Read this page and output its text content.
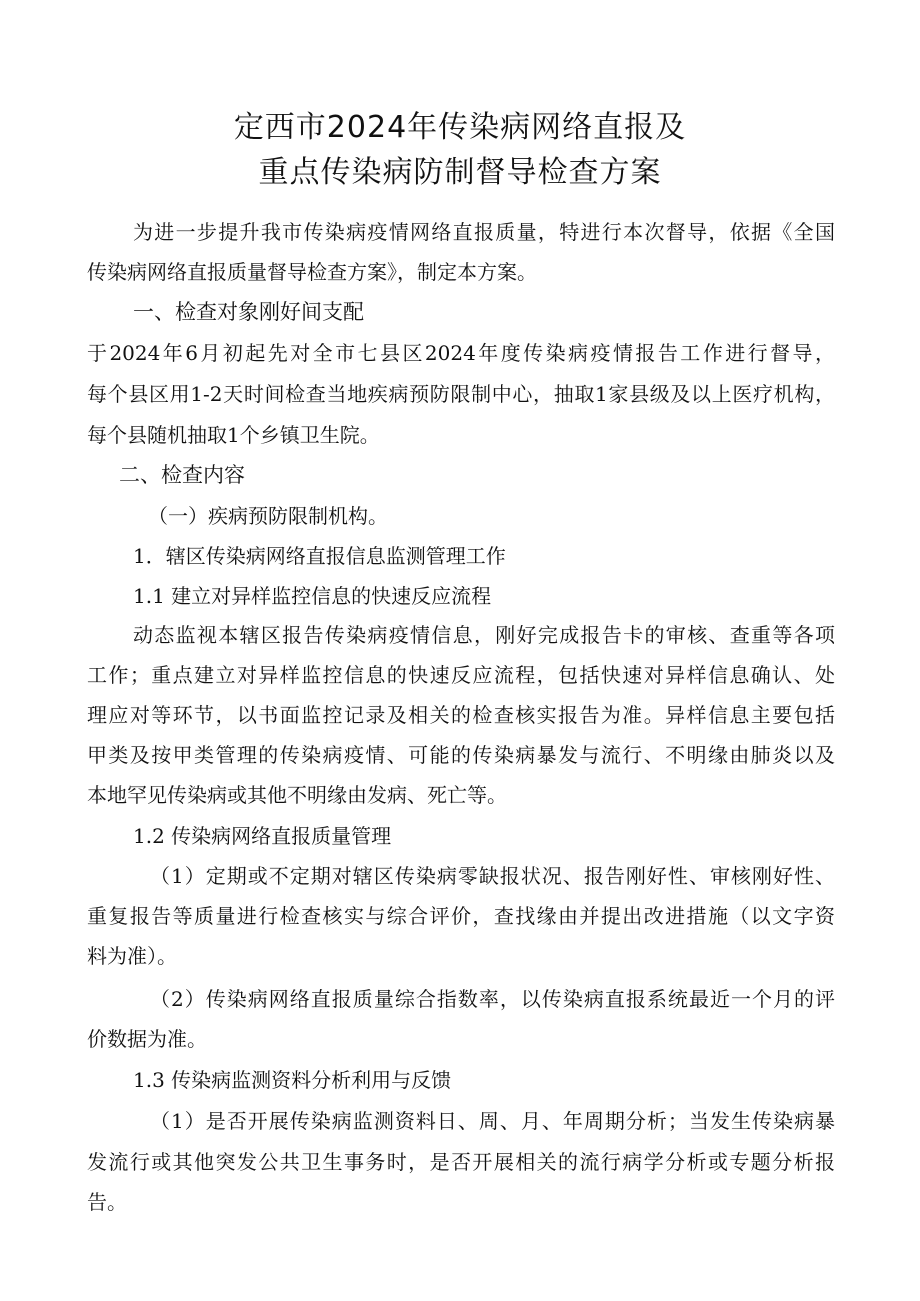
定西市2024年传染病网络直报及
重点传染病防制督导检查方案
为进一步提升我市传染病疫情网络直报质量，特进行本次督导，依据《全国
传染病网络直报质量督导检查方案》，制定本方案。
一、检查对象刚好间支配
于2024年6月初起先对全市七县区2024年度传染病疫情报告工作进行督导，
每个县区用1-2天时间检查当地疾病预防限制中心，抽取1家县级及以上医疗机构，
每个县随机抽取1个乡镇卫生院。
二、检查内容
（一）疾病预防限制机构。
1．辖区传染病网络直报信息监测管理工作
1.1 建立对异样监控信息的快速反应流程
动态监视本辖区报告传染病疫情信息，刚好完成报告卡的审核、查重等各项
工作；重点建立对异样监控信息的快速反应流程，包括快速对异样信息确认、处
理应对等环节，以书面监控记录及相关的检查核实报告为准。异样信息主要包括
甲类及按甲类管理的传染病疫情、可能的传染病暴发与流行、不明缘由肺炎以及
本地罕见传染病或其他不明缘由发病、死亡等。
1.2 传染病网络直报质量管理
（1）定期或不定期对辖区传染病零缺报状况、报告刚好性、审核刚好性、
重复报告等质量进行检查核实与综合评价，查找缘由并提出改进措施（以文字资
料为准）。
（2）传染病网络直报质量综合指数率，以传染病直报系统最近一个月的评
价数据为准。
1.3 传染病监测资料分析利用与反馈
（1）是否开展传染病监测资料日、周、月、年周期分析；当发生传染病暴
发流行或其他突发公共卫生事务时，是否开展相关的流行病学分析或专题分析报
告。
